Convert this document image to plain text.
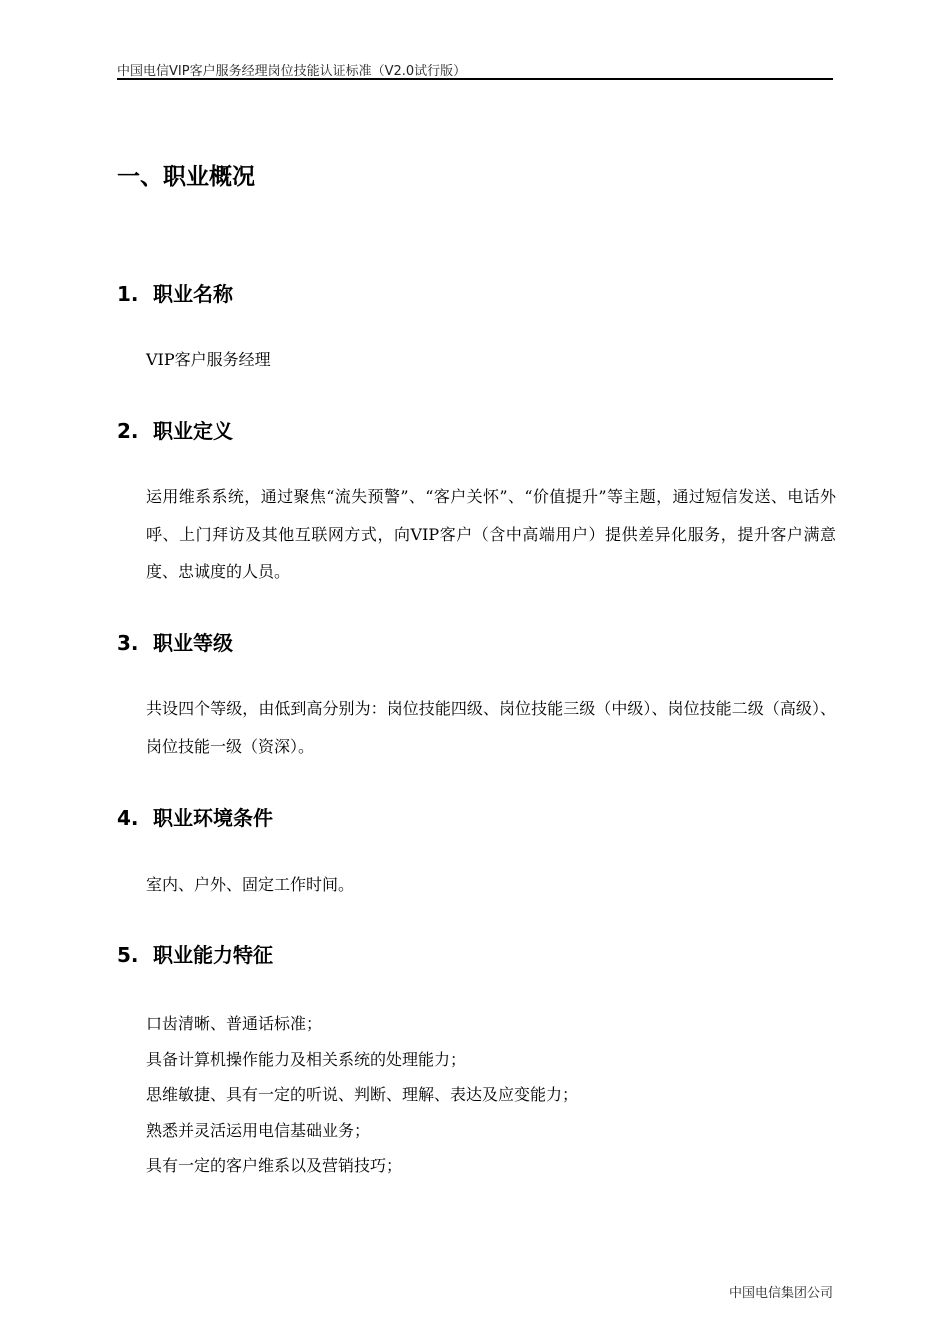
中国电信VIP客户服务经理岗位技能认证标准（V2.0试行版）
一、职业概况
1. 职业名称
VIP客户服务经理
2. 职业定义
运用维系系统，通过聚焦“流失预警”、“客户关怀”、“价值提升”等主题，通过短信发送、电话外呼、上门拜访及其他互联网方式，向VIP客户（含中高端用户）提供差异化服务，提升客户满意度、忠诚度的人员。
3. 职业等级
共设四个等级，由低到高分别为：岗位技能四级、岗位技能三级（中级）、岗位技能二级（高级）、岗位技能一级（资深）。
4. 职业环境条件
室内、户外、固定工作时间。
5. 职业能力特征
口齿清晰、普通话标准；
具备计算机操作能力及相关系统的处理能力；
思维敏捷、具有一定的听说、判断、理解、表达及应变能力；
熟悉并灵活运用电信基础业务；
具有一定的客户维系以及营销技巧；
中国电信集团公司
